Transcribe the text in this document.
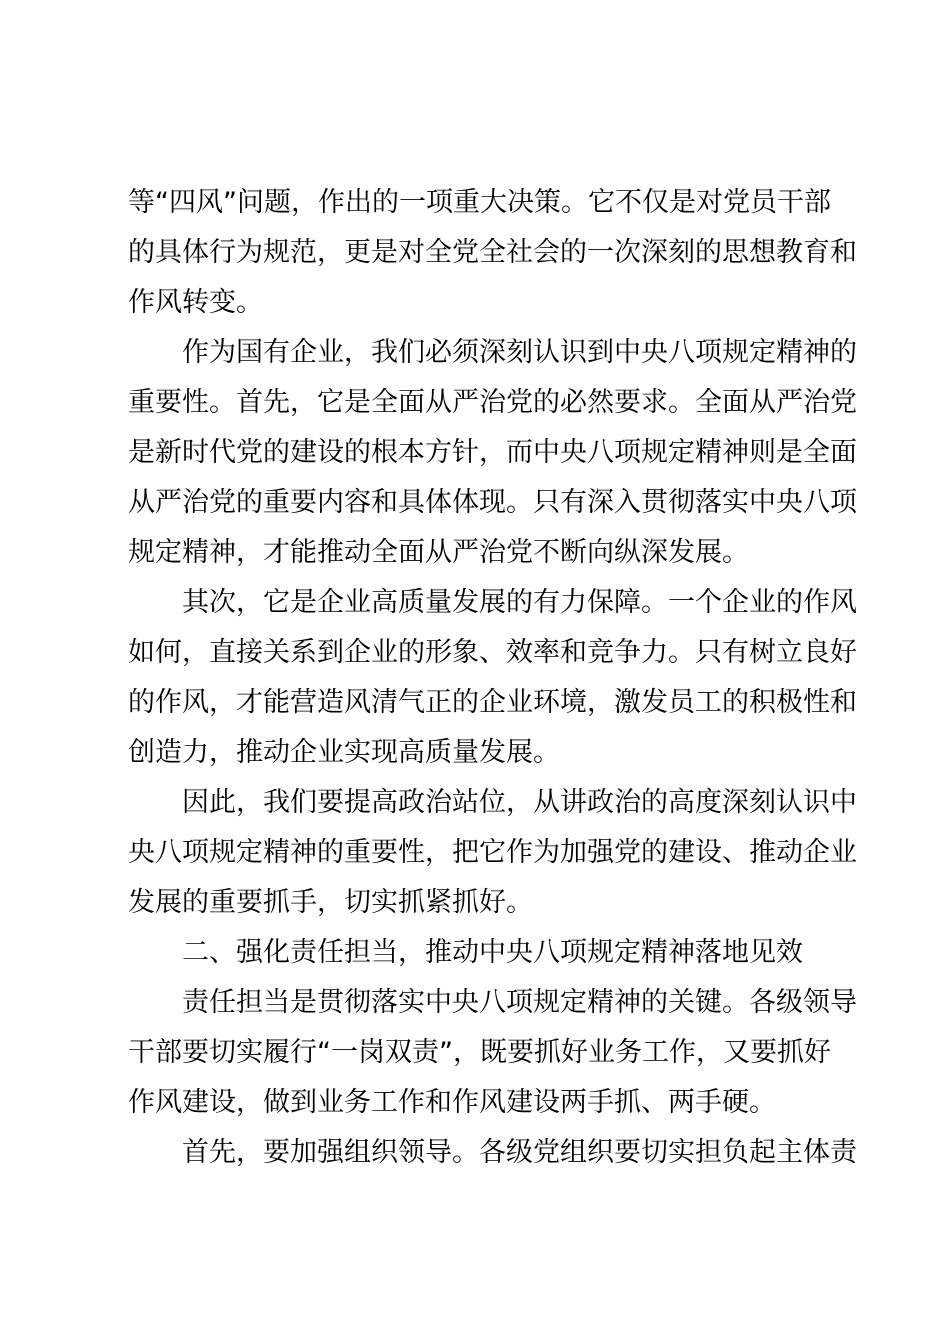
等“四风”问题，作出的一项重大决策。它不仅是对党员干部
的具体行为规范，更是对全党全社会的一次深刻的思想教育和
作风转变。
作为国有企业，我们必须深刻认识到中央八项规定精神的
重要性。首先，它是全面从严治党的必然要求。全面从严治党
是新时代党的建设的根本方针，而中央八项规定精神则是全面
从严治党的重要内容和具体体现。只有深入贯彻落实中央八项
规定精神，才能推动全面从严治党不断向纵深发展。
其次，它是企业高质量发展的有力保障。一个企业的作风
如何，直接关系到企业的形象、效率和竞争力。只有树立良好
的作风，才能营造风清气正的企业环境，激发员工的积极性和
创造力，推动企业实现高质量发展。
因此，我们要提高政治站位，从讲政治的高度深刻认识中
央八项规定精神的重要性，把它作为加强党的建设、推动企业
发展的重要抓手，切实抓紧抓好。
二、强化责任担当，推动中央八项规定精神落地见效
责任担当是贯彻落实中央八项规定精神的关键。各级领导
干部要切实履行“一岗双责”，既要抓好业务工作，又要抓好
作风建设，做到业务工作和作风建设两手抓、两手硬。
首先，要加强组织领导。各级党组织要切实担负起主体责
